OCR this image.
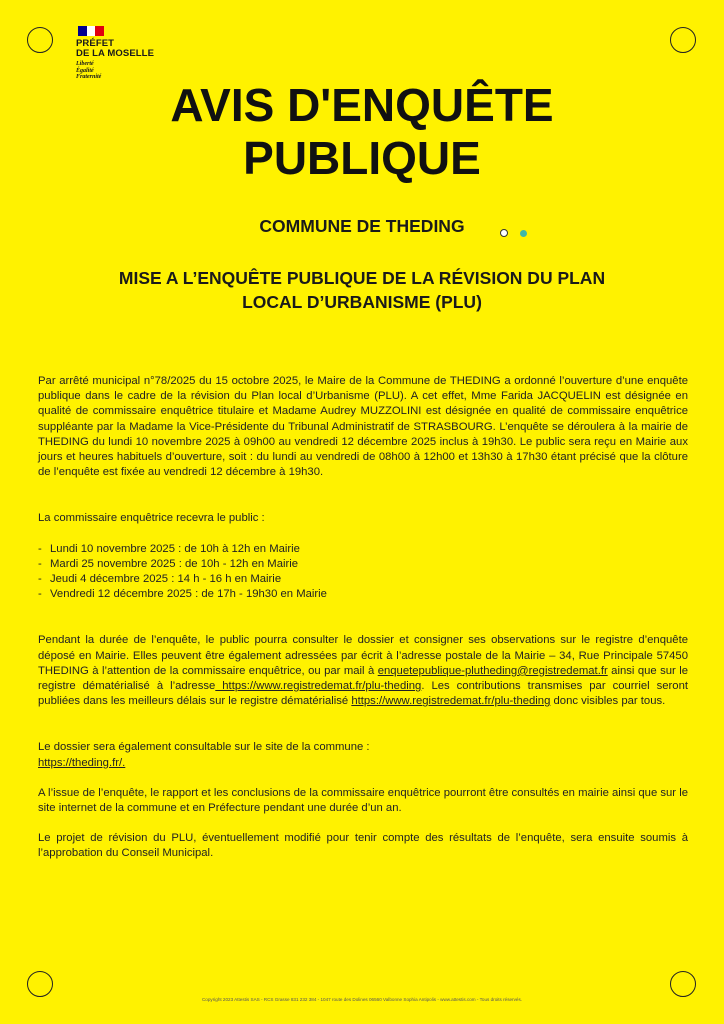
PRÉFET
DE LA MOSELLE
Liberté
Égalité
Fraternité
AVIS D'ENQUÊTE
PUBLIQUE
COMMUNE DE THEDING
MISE A L’ENQUÊTE PUBLIQUE DE LA RÉVISION DU PLAN
LOCAL D’URBANISME (PLU)

Par arrêté municipal n°78/2025 du 15 octobre 2025, le Maire de la Commune de THEDING a ordonné l’ouverture d’une enquête publique dans le cadre de la révision du Plan local d’Urbanisme (PLU). A cet effet, Mme Farida JACQUELIN est désignée en qualité de commissaire enquêtrice titulaire et Madame Audrey MUZZOLINI est désignée en qualité de commissaire enquêtrice suppléante par la Madame la Vice-Présidente du Tribunal Administratif de STRASBOURG. L’enquête se déroulera à la mairie de THEDING du lundi 10 novembre 2025 à 09h00 au vendredi 12 décembre 2025 inclus à 19h30. Le public sera reçu en Mairie aux jours et heures habituels d’ouverture, soit : du lundi au vendredi de 08h00 à 12h00 et 13h30 à 17h30 étant précisé que la clôture de l’enquête est fixée au vendredi 12 décembre à 19h30.

La commissaire enquêtrice recevra le public :

- Lundi 10 novembre 2025 : de 10h à 12h en Mairie
- Mardi 25 novembre 2025 : de 10h - 12h en Mairie
- Jeudi 4 décembre 2025 : 14 h - 16 h en Mairie
- Vendredi 12 décembre 2025 : de 17h - 19h30 en Mairie

Pendant la durée de l’enquête, le public pourra consulter le dossier et consigner ses observations sur le registre d’enquête déposé en Mairie. Elles peuvent être également adressées par écrit à l’adresse postale de la Mairie – 34, Rue Principale 57450 THEDING à l’attention de la commissaire enquêtrice, ou par mail à enquetepublique-plutheding@registredemat.fr ainsi que sur le registre dématérialisé à l’adresse https://www.registredemat.fr/plu-theding. Les contributions transmises par courriel seront publiées dans les meilleurs délais sur le registre dématérialisé https://www.registredemat.fr/plu-theding donc visibles par tous.

Le dossier sera également consultable sur le site de la commune :
https://theding.fr/.

A l’issue de l’enquête, le rapport et les conclusions de la commissaire enquêtrice pourront être consultés en mairie ainsi que sur le site internet de la commune et en Préfecture pendant une durée d’un an.

Le projet de révision du PLU, éventuellement modifié pour tenir compte des résultats de l’enquête, sera ensuite soumis à l’approbation du Conseil Municipal.

Copyright 2023 Attestis SAS - RCS Grasse 831 232 384 - 1047 route des Dolines 06560 Valbonne Sophia Antipolis - www.attestis.com - Tous droits réservés.
